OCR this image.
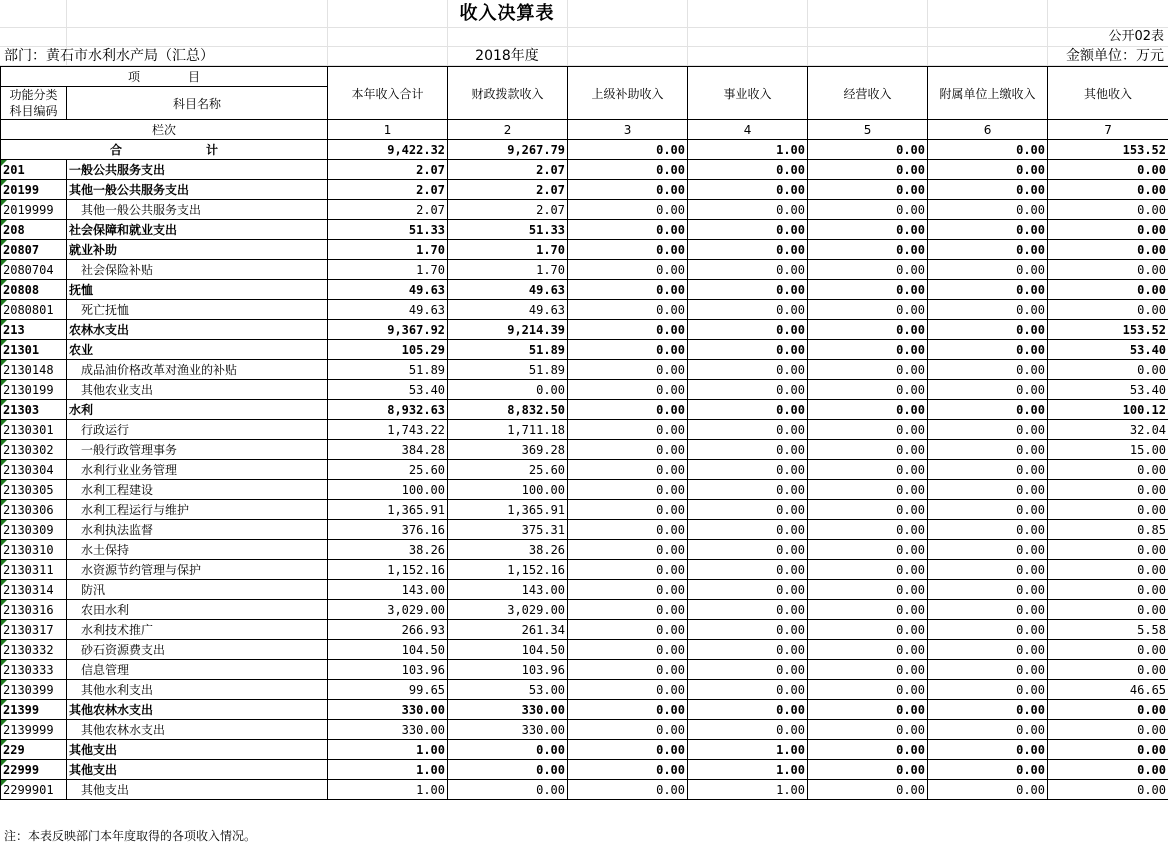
收入决算表
公开02表
部门：黄石市水利水产局（汇总）	2018年度	金额单位：万元
项　　　　目		本年收入合计	财政拨款收入	上级补助收入	事业收入	经营收入	附属单位上缴收入	其他收入
功能分类
科目编码	科目名称							

栏次		1	2	3	4	5	6	7
合　　　　　　　计		9,422.32	9,267.79	0.00	1.00	0.00	0.00	153.52

201	一般公共服务支出	2.07	2.07	0.00	0.00	0.00	0.00	0.00

20199	其他一般公共服务支出	2.07	2.07	0.00	0.00	0.00	0.00	0.00

2019999	其他一般公共服务支出	2.07	2.07	0.00	0.00	0.00	0.00	0.00

208	社会保障和就业支出	51.33	51.33	0.00	0.00	0.00	0.00	0.00

20807	就业补助	1.70	1.70	0.00	0.00	0.00	0.00	0.00

2080704	社会保险补贴	1.70	1.70	0.00	0.00	0.00	0.00	0.00

20808	抚恤	49.63	49.63	0.00	0.00	0.00	0.00	0.00

2080801	死亡抚恤	49.63	49.63	0.00	0.00	0.00	0.00	0.00

213	农林水支出	9,367.92	9,214.39	0.00	0.00	0.00	0.00	153.52

21301	农业	105.29	51.89	0.00	0.00	0.00	0.00	53.40

2130148	成品油价格改革对渔业的补贴	51.89	51.89	0.00	0.00	0.00	0.00	0.00

2130199	其他农业支出	53.40	0.00	0.00	0.00	0.00	0.00	53.40

21303	水利	8,932.63	8,832.50	0.00	0.00	0.00	0.00	100.12

2130301	行政运行	1,743.22	1,711.18	0.00	0.00	0.00	0.00	32.04

2130302	一般行政管理事务	384.28	369.28	0.00	0.00	0.00	0.00	15.00

2130304	水利行业业务管理	25.60	25.60	0.00	0.00	0.00	0.00	0.00

2130305	水利工程建设	100.00	100.00	0.00	0.00	0.00	0.00	0.00

2130306	水利工程运行与维护	1,365.91	1,365.91	0.00	0.00	0.00	0.00	0.00

2130309	水利执法监督	376.16	375.31	0.00	0.00	0.00	0.00	0.85

2130310	水土保持	38.26	38.26	0.00	0.00	0.00	0.00	0.00

2130311	水资源节约管理与保护	1,152.16	1,152.16	0.00	0.00	0.00	0.00	0.00

2130314	防汛	143.00	143.00	0.00	0.00	0.00	0.00	0.00

2130316	农田水利	3,029.00	3,029.00	0.00	0.00	0.00	0.00	0.00

2130317	水利技术推广	266.93	261.34	0.00	0.00	0.00	0.00	5.58

2130332	砂石资源费支出	104.50	104.50	0.00	0.00	0.00	0.00	0.00

2130333	信息管理	103.96	103.96	0.00	0.00	0.00	0.00	0.00

2130399	其他水利支出	99.65	53.00	0.00	0.00	0.00	0.00	46.65

21399	其他农林水支出	330.00	330.00	0.00	0.00	0.00	0.00	0.00

2139999	其他农林水支出	330.00	330.00	0.00	0.00	0.00	0.00	0.00

229	其他支出	1.00	0.00	0.00	1.00	0.00	0.00	0.00

22999	其他支出	1.00	0.00	0.00	1.00	0.00	0.00	0.00

2299901	其他支出	1.00	0.00	0.00	1.00	0.00	0.00	0.00
注：本表反映部门本年度取得的各项收入情况。
